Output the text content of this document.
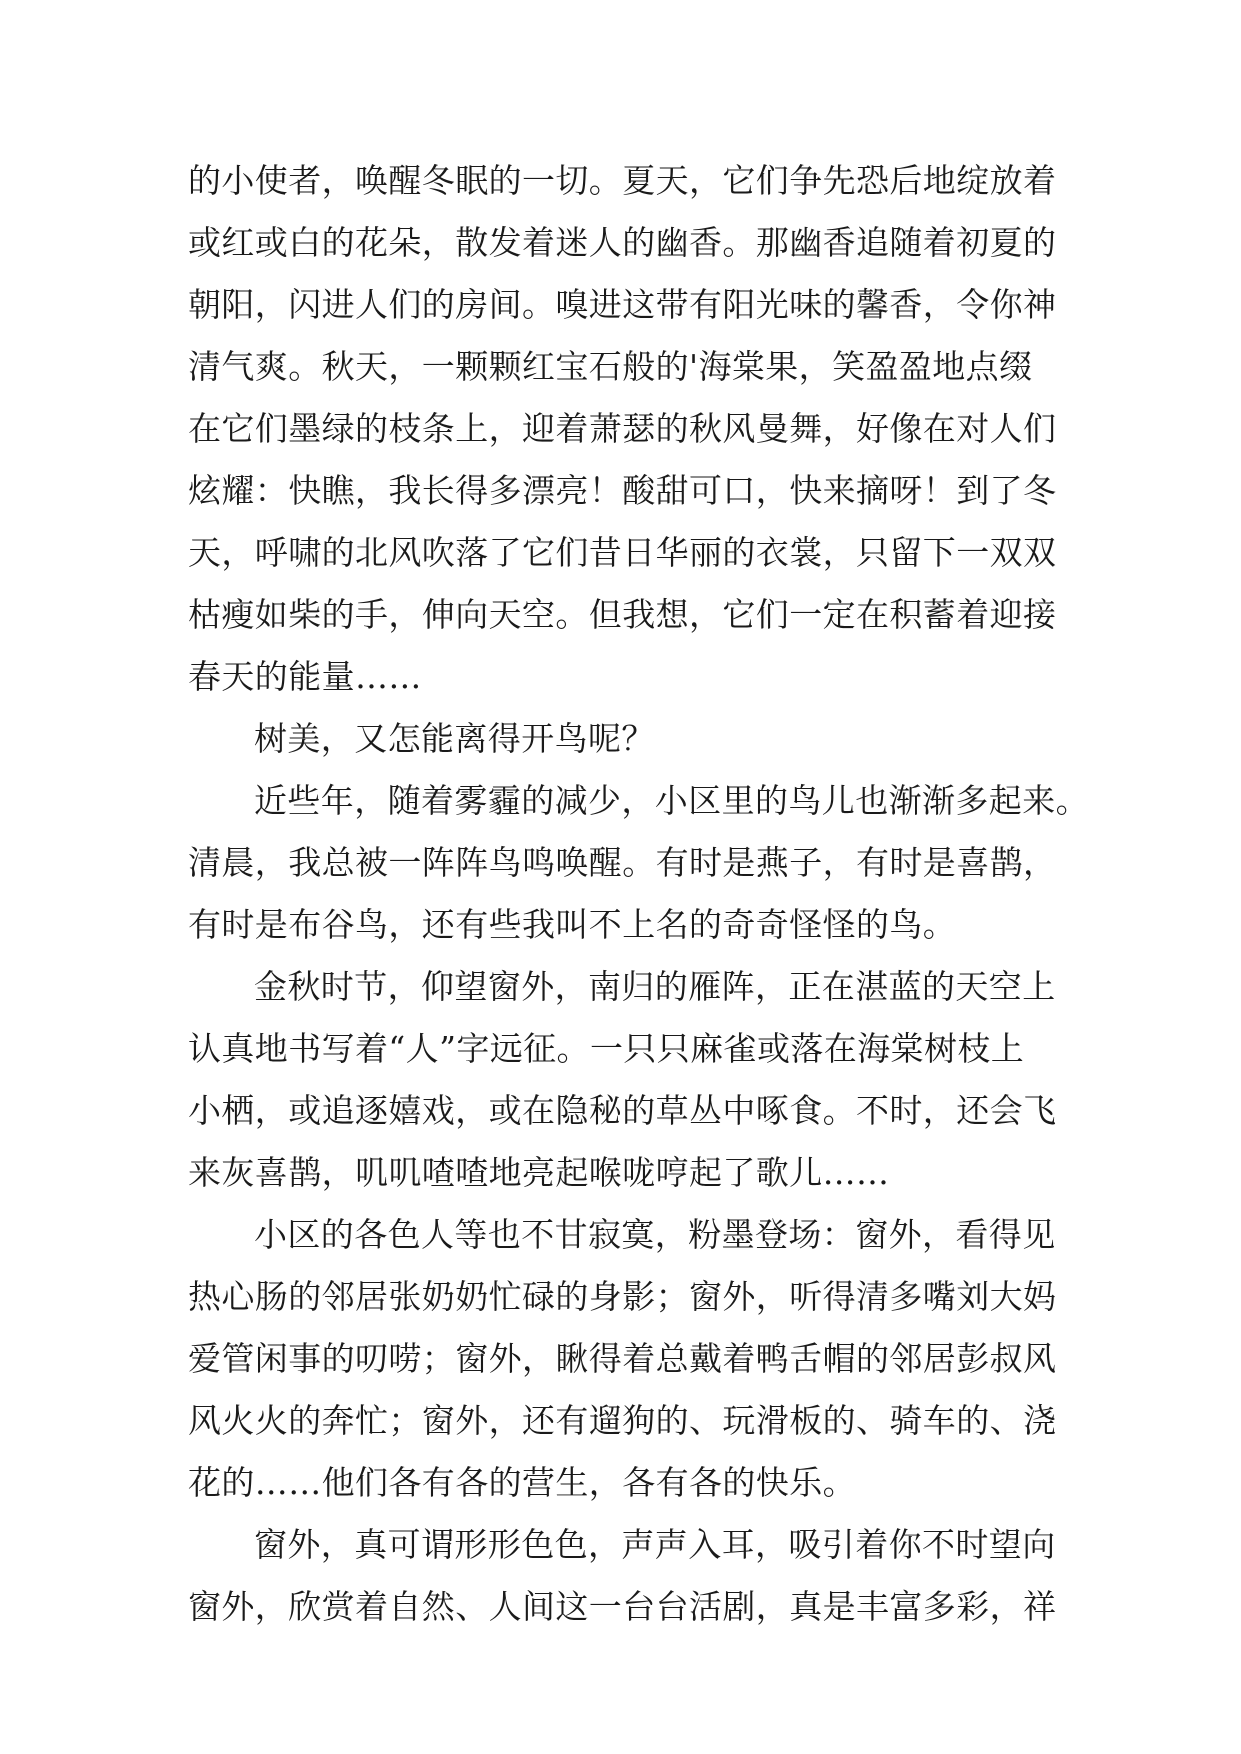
的小使者，唤醒冬眠的一切。夏天，它们争先恐后地绽放着
或红或白的花朵，散发着迷人的幽香。那幽香追随着初夏的
朝阳，闪进人们的房间。嗅进这带有阳光味的馨香，令你神
清气爽。秋天，一颗颗红宝石般的'海棠果，笑盈盈地点缀
在它们墨绿的枝条上，迎着萧瑟的秋风曼舞，好像在对人们
炫耀：快瞧，我长得多漂亮！酸甜可口，快来摘呀！到了冬
天，呼啸的北风吹落了它们昔日华丽的衣裳，只留下一双双
枯瘦如柴的手，伸向天空。但我想，它们一定在积蓄着迎接
春天的能量……
树美，又怎能离得开鸟呢？
近些年，随着雾霾的减少，小区里的鸟儿也渐渐多起来。
清晨，我总被一阵阵鸟鸣唤醒。有时是燕子，有时是喜鹊，
有时是布谷鸟，还有些我叫不上名的奇奇怪怪的鸟。
金秋时节，仰望窗外，南归的雁阵，正在湛蓝的天空上
认真地书写着“人”字远征。一只只麻雀或落在海棠树枝上
小栖，或追逐嬉戏，或在隐秘的草丛中啄食。不时，还会飞
来灰喜鹊，叽叽喳喳地亮起喉咙哼起了歌儿……
小区的各色人等也不甘寂寞，粉墨登场：窗外，看得见
热心肠的邻居张奶奶忙碌的身影；窗外，听得清多嘴刘大妈
爱管闲事的叨唠；窗外，瞅得着总戴着鸭舌帽的邻居彭叔风
风火火的奔忙；窗外，还有遛狗的、玩滑板的、骑车的、浇
花的……他们各有各的营生，各有各的快乐。
窗外，真可谓形形色色，声声入耳，吸引着你不时望向
窗外，欣赏着自然、人间这一台台活剧，真是丰富多彩，祥
